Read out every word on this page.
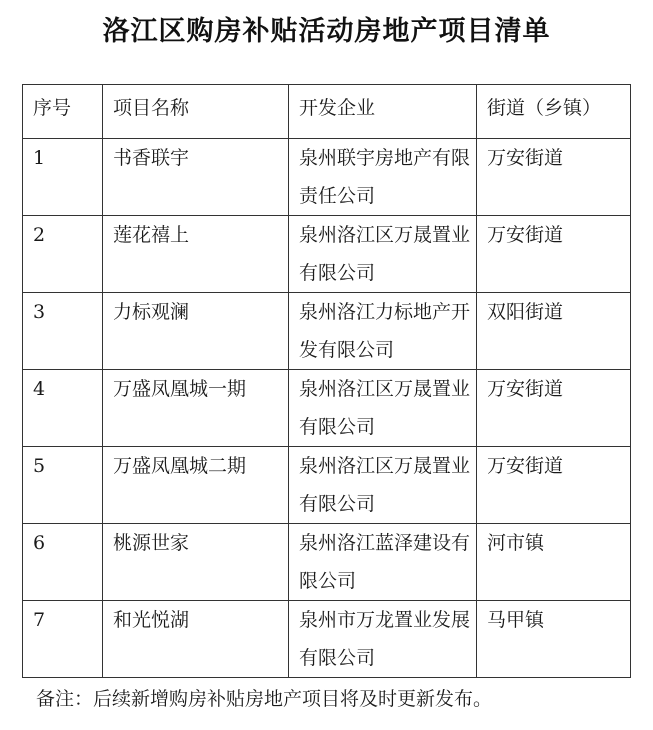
洛江区购房补贴活动房地产项目清单
序号	项目名称	开发企业	街道（乡镇）
1	书香联宇	泉州联宇房地产有限责任公司	万安街道
2	莲花禧上	泉州洛江区万晟置业有限公司	万安街道
3	力标观澜	泉州洛江力标地产开发有限公司	双阳街道
4	万盛凤凰城一期	泉州洛江区万晟置业有限公司	万安街道
5	万盛凤凰城二期	泉州洛江区万晟置业有限公司	万安街道
6	桃源世家	泉州洛江蓝泽建设有限公司	河市镇
7	和光悦湖	泉州市万龙置业发展有限公司	马甲镇
备注：后续新增购房补贴房地产项目将及时更新发布。
